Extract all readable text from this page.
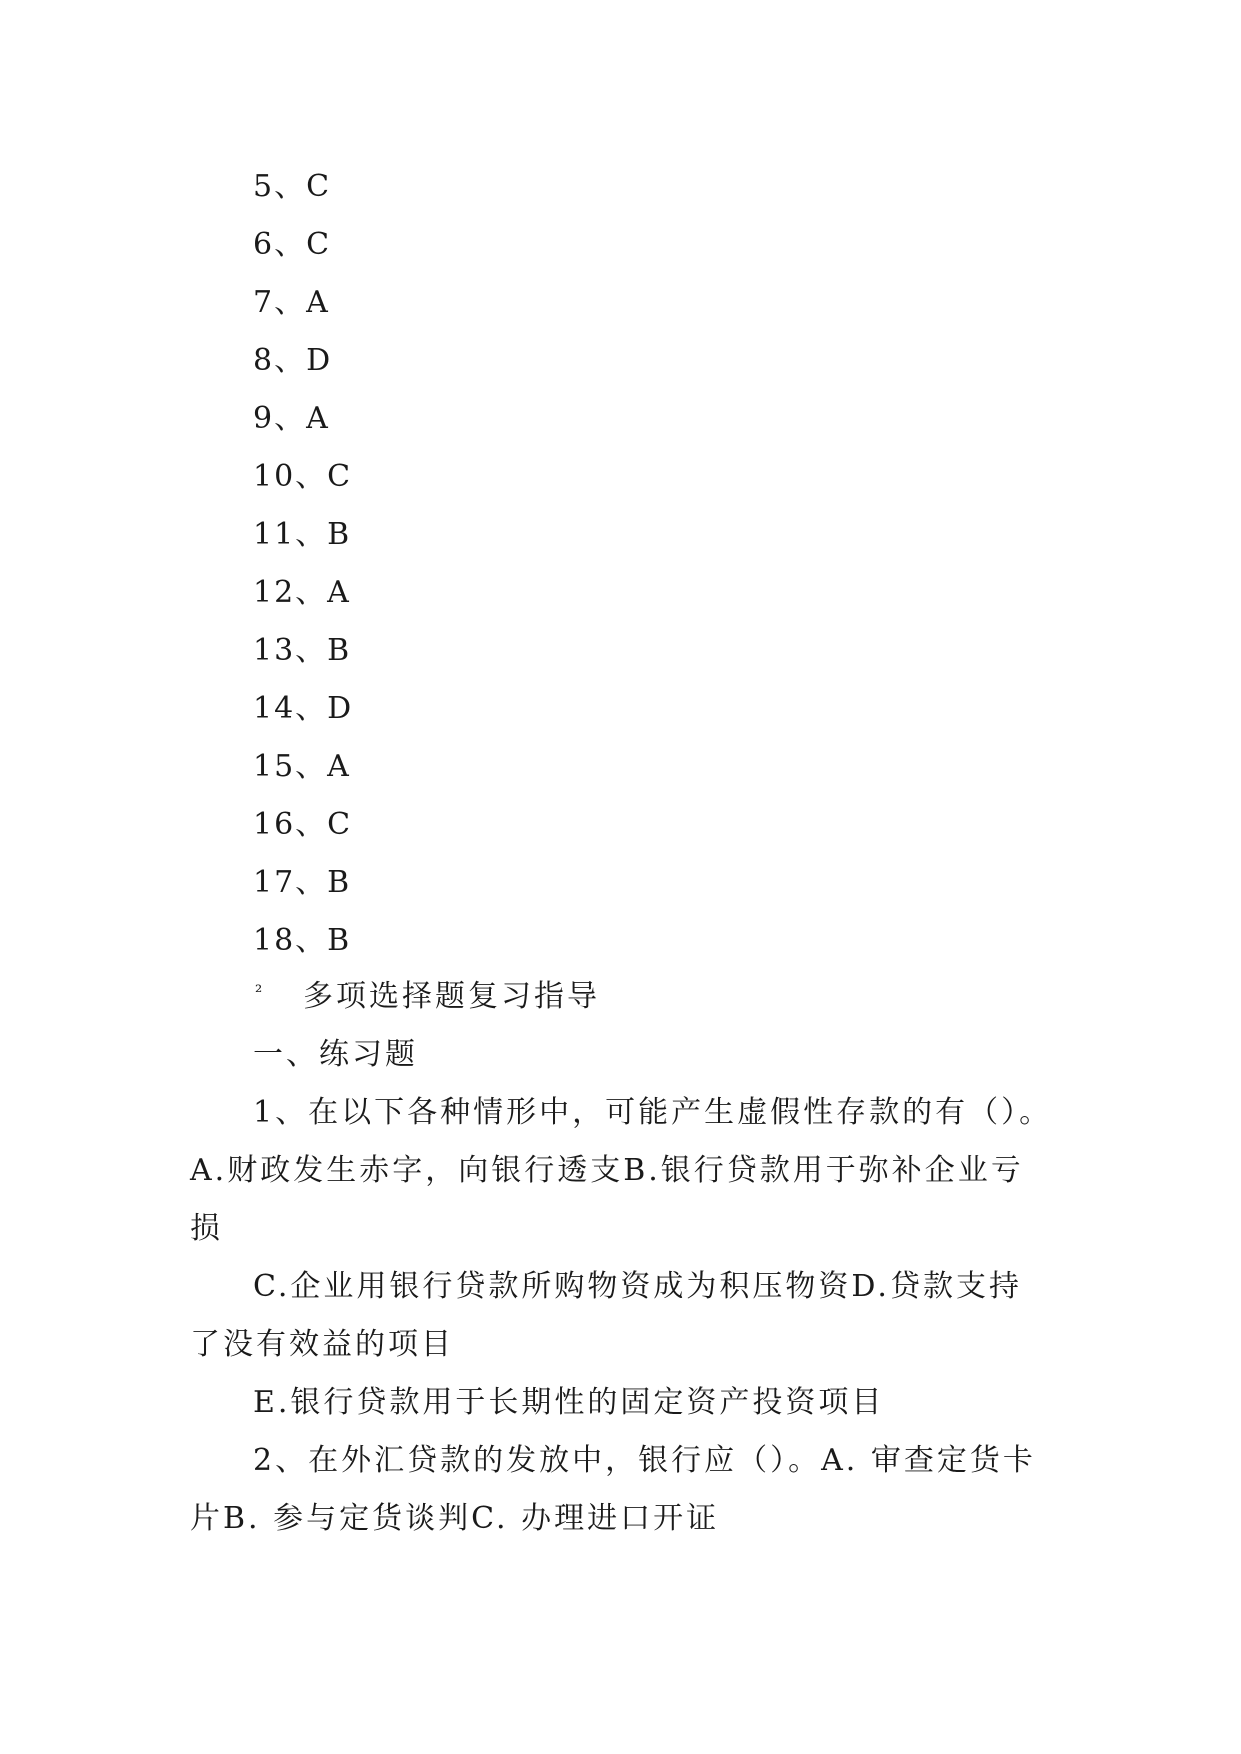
5、C
6、C
7、A
8、D
9、A
10、C
11、B
12、A
13、B
14、D
15、A
16、C
17、B
18、B
² 多项选择题复习指导
一、练习题
1、在以下各种情形中，可能产生虚假性存款的有（）。
A.财政发生赤字，向银行透支B.银行贷款用于弥补企业亏
损
C.企业用银行贷款所购物资成为积压物资D.贷款支持
了没有效益的项目
E.银行贷款用于长期性的固定资产投资项目
2、在外汇贷款的发放中，银行应（）。A. 审查定货卡
片B. 参与定货谈判C. 办理进口开证
